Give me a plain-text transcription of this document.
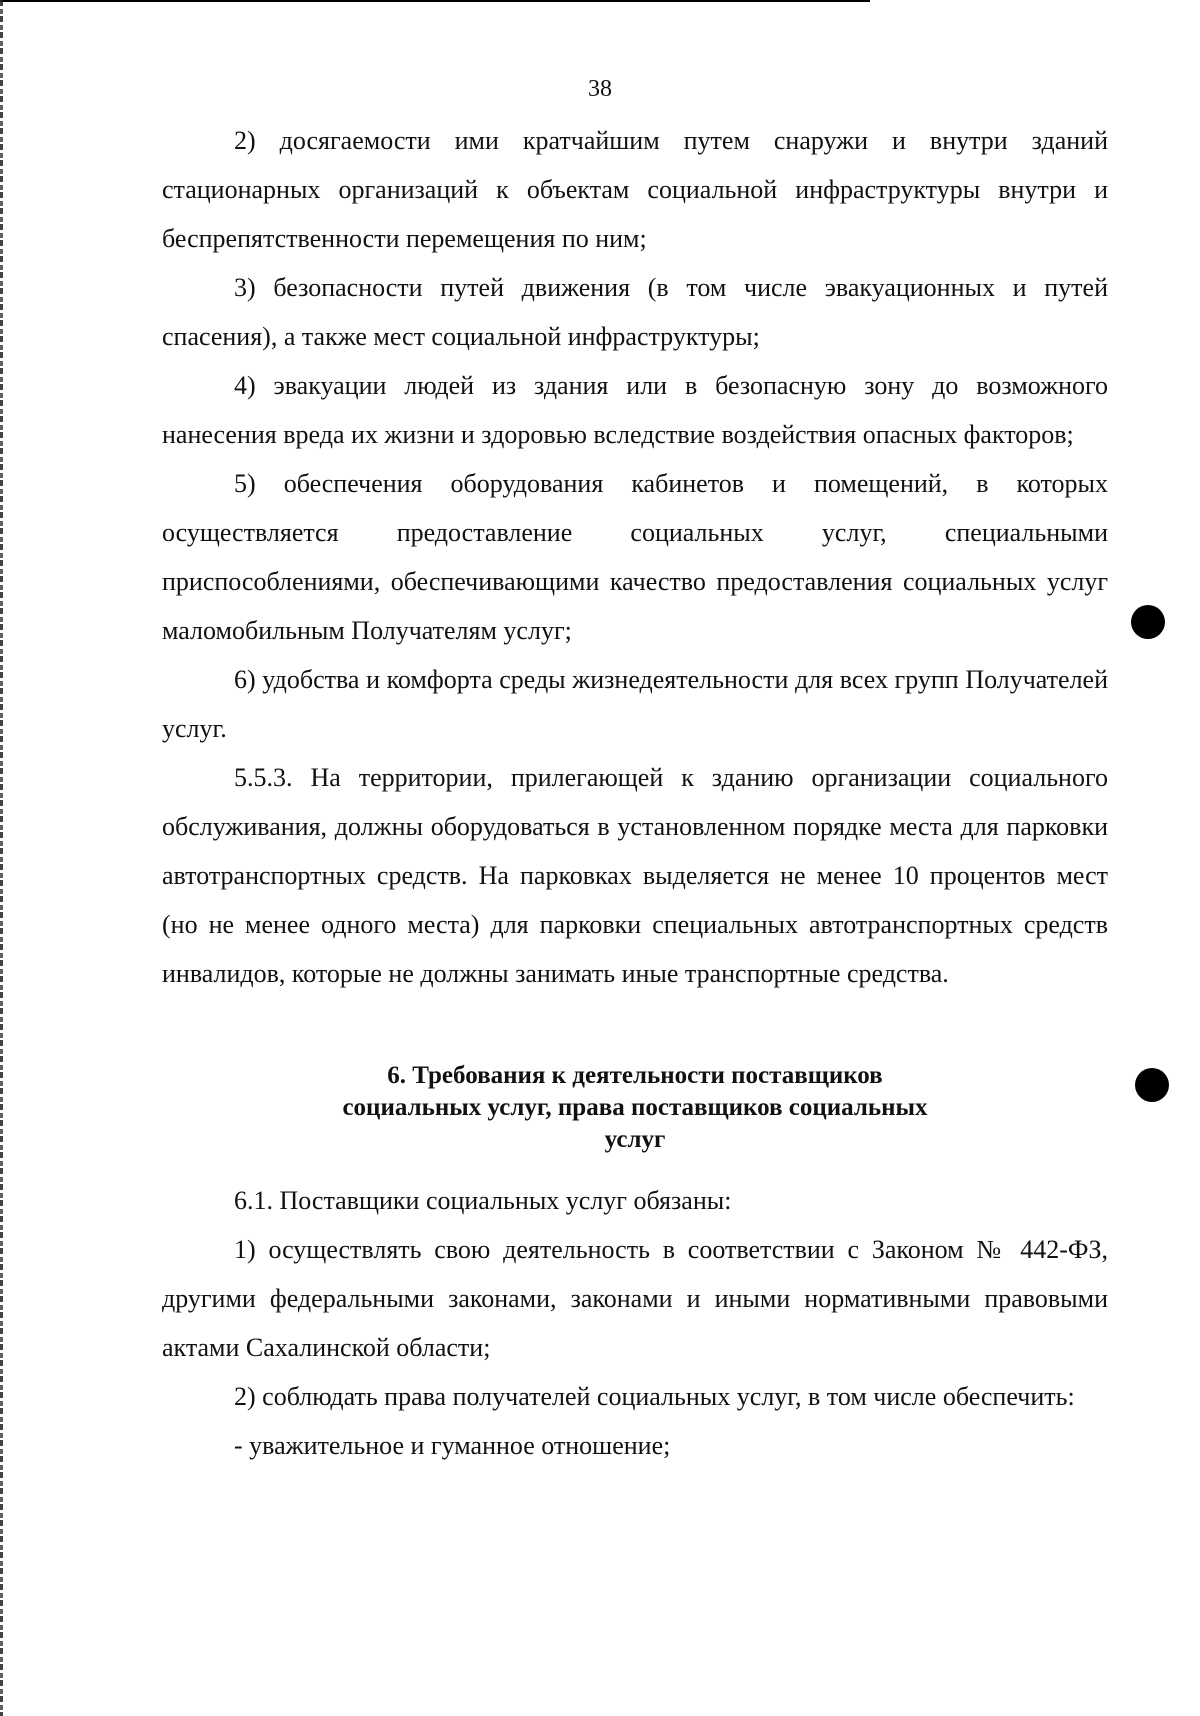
38

2) досягаемости ими кратчайшим путем снаружи и внутри зданий стационарных организаций к объектам социальной инфраструктуры внутри и беспрепятственности перемещения по ним;

3) безопасности путей движения (в том числе эвакуационных и путей спасения), а также мест социальной инфраструктуры;

4) эвакуации людей из здания или в безопасную зону до возможного нанесения вреда их жизни и здоровью вследствие воздействия опасных факторов;

5) обеспечения оборудования кабинетов и помещений, в которых осуществляется предоставление социальных услуг, специальными приспособлениями, обеспечивающими качество предоставления социальных услуг маломобильным Получателям услуг;

6) удобства и комфорта среды жизнедеятельности для всех групп Получателей услуг.

5.5.3. На территории, прилегающей к зданию организации социального обслуживания, должны оборудоваться в установленном порядке места для парковки автотранспортных средств. На парковках выделяется не менее 10 процентов мест (но не менее одного места) для парковки специальных автотранспортных средств инвалидов, которые не должны занимать иные транспортные средства.

6. Требования к деятельности поставщиков
социальных услуг, права поставщиков социальных
услуг

6.1. Поставщики социальных услуг обязаны:

1) осуществлять свою деятельность в соответствии с Законом № 442-ФЗ, другими федеральными законами, законами и иными нормативными правовыми актами Сахалинской области;

2) соблюдать права получателей социальных услуг, в том числе обеспечить:

- уважительное и гуманное отношение;
